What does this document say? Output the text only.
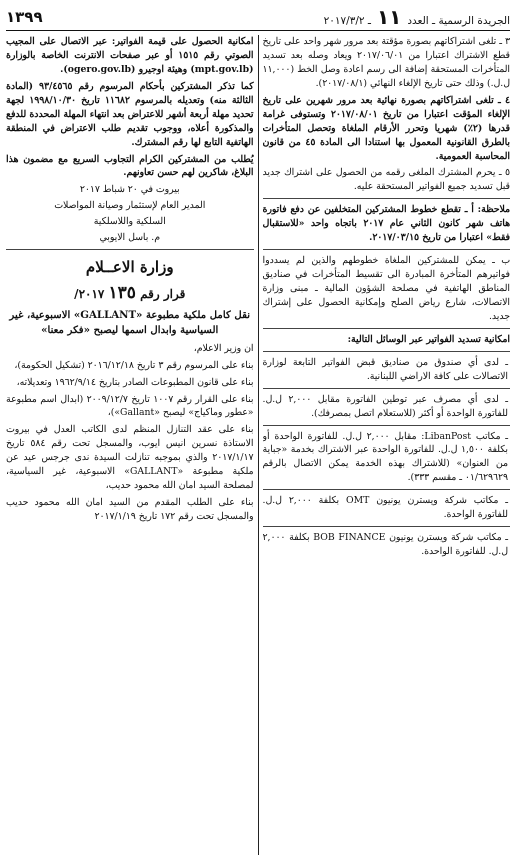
الجريدة الرسمية ـ العدد ١١ ـ ٢٠١٧/٣/٢
١٣٩٩

٣ ـ تلغى اشتراكاتهم بصورة مؤقتة بعد مرور شهر واحد على تاريخ قطع الاشتراك اعتبارا من ٢٠١٧/٠٦/٠١ ويعاد وصله بعد تسديد المتأخرات المستحقة إضافة الى رسم اعادة وصل الخط (١١,٠٠٠ ل.ل.) وذلك حتى تاريخ الإلغاء النهائي (٢٠١٧/٠٨/١).

٤ ـ تلغى اشتراكاتهم بصورة نهائية بعد مرور شهرين على تاريخ الإلغاء المؤقت اعتبارا من تاريخ ٢٠١٧/٠٨/٠١ وتستوفى غرامة قدرها (٢٪) شهريا وتحرر الأرقام الملغاة وتحصل المتأخرات بالطرق القانونية المعمول بها استنادا الى المادة ٤٥ من قانون المحاسبة العمومية.

٥ ـ يحرم المشترك الملغى رقمه من الحصول على اشتراك جديد قبل تسديد جميع الفواتير المستحقة عليه.

ملاحظة: أ ـ تقطع خطوط المشتركين المتخلفين عن دفع فاتورة هاتف شهر كانون الثاني عام ٢٠١٧ باتجاه واحد «للاستقبال فقط» اعتبارا من تاريخ ٢٠١٧/٠٣/١٥.

ب ـ يمكن للمشتركين الملغاة خطوطهم والذين لم يسددوا فواتيرهم المتأخرة المبادرة الى تقسيط المتأخرات في صناديق المناطق الهاتفية في مصلحة الشؤون المالية ـ مبنى وزارة الاتصالات، شارع رياض الصلح وإمكانية الحصول على إشتراك جديد.

امكانية تسديد الفواتير عبر الوسائل التالية:

ـ لدى أي صندوق من صناديق قبض الفواتير التابعة لوزارة الاتصالات على كافة الاراضي اللبنانية.

ـ لدى أي مصرف عبر توطين الفاتورة مقابل ٢,٠٠٠ ل.ل. للفاتورة الواحدة أو أكثر (للاستعلام اتصل بمصرفك).

ـ مكاتب LibanPost: مقابل ٢,٠٠٠ ل.ل. للفاتورة الواحدة أو بكلفة ١,٥٠٠ ل.ل. للفاتورة الواحدة عبر الاشتراك بخدمة «جباية من العنوان» (للاشتراك بهذه الخدمة يمكن الاتصال بالرقم ٠١/٦٢٩٦٢٩ ـ مقسم ٣٣٣).

ـ مكاتب شركة ويسترن يونيون OMT بكلفة ٢,٠٠٠ ل.ل. للفاتورة الواحدة.

ـ مكاتب شركة ويسترن يونيون BOB FINANCE بكلفة ٢,٠٠٠ ل.ل. للفاتورة الواحدة.

امكانية الحصول على قيمة الفواتير: عبر الاتصال على المجيب الصوتي رقم ١٥١٥ أو عبر صفحات الانترنت الخاصة بالوزارة (mpt.gov.lb) وهيئة اوجيرو (ogero.gov.lb).

كما تذكر المشتركين بأحكام المرسوم رقم ٩٣/٤٥٦٥ (المادة الثالثة منه) وتعديله بالمرسوم ١١٦٨٢ تاريخ ١٩٩٨/١٠/٣٠ لجهة تحديد مهلة أربعة أشهر للاعتراض بعد انتهاء المهلة المحددة للدفع والمذكورة أعلاه، ووجوب تقديم طلب الاعتراض في المنطقة الهاتفية التابع لها رقم المشترك.

يُطلب من المشتركين الكرام التجاوب السريع مع مضمون هذا البلاغ، شاكرين لهم حسن تعاونهم.

بيروت في ٢٠ شباط ٢٠١٧
المدير العام لإستثمار وصيانة المواصلات
السلكية واللاسلكية
م. باسل الايوبي
وزارة الاعــلام
قرار رقم ١٣٥ ٢٠١٧/
نقل كامل ملكية مطبوعة «GALLANT» الاسبوعية، غير السياسية وابدال اسمها ليصبح «فكر معنا»

ان وزير الاعلام،

بناء على المرسوم رقم ٣ تاريخ ٢٠١٦/١٢/١٨ (تشكيل الحكومة)،

بناء على قانون المطبوعات الصادر بتاريخ ١٩٦٢/٩/١٤ وتعديلاته،

بناء على القرار رقم ١٠٠٧ تاريخ ٢٠٠٩/١٢/٧ (ابدال اسم مطبوعة «عطور وماكياج» ليصبح «Gallant»)،

بناء على عقد التنازل المنظم لدى الكاتب العدل في بيروت الاستاذة نسرين انيس ايوب، والمسجل تحت رقم ٥٨٤ تاريخ ٢٠١٧/١/١٧ والذي بموجبه تنازلت السيدة ندى جرجس عيد عن ملكية مطبوعة «GALLANT» الاسبوعية، غير السياسية، لمصلحة السيد امان الله محمود حديب،

بناء على الطلب المقدم من السيد امان الله محمود حديب والمسجل تحت رقم ١٧٢ تاريخ ٢٠١٧/١/١٩
